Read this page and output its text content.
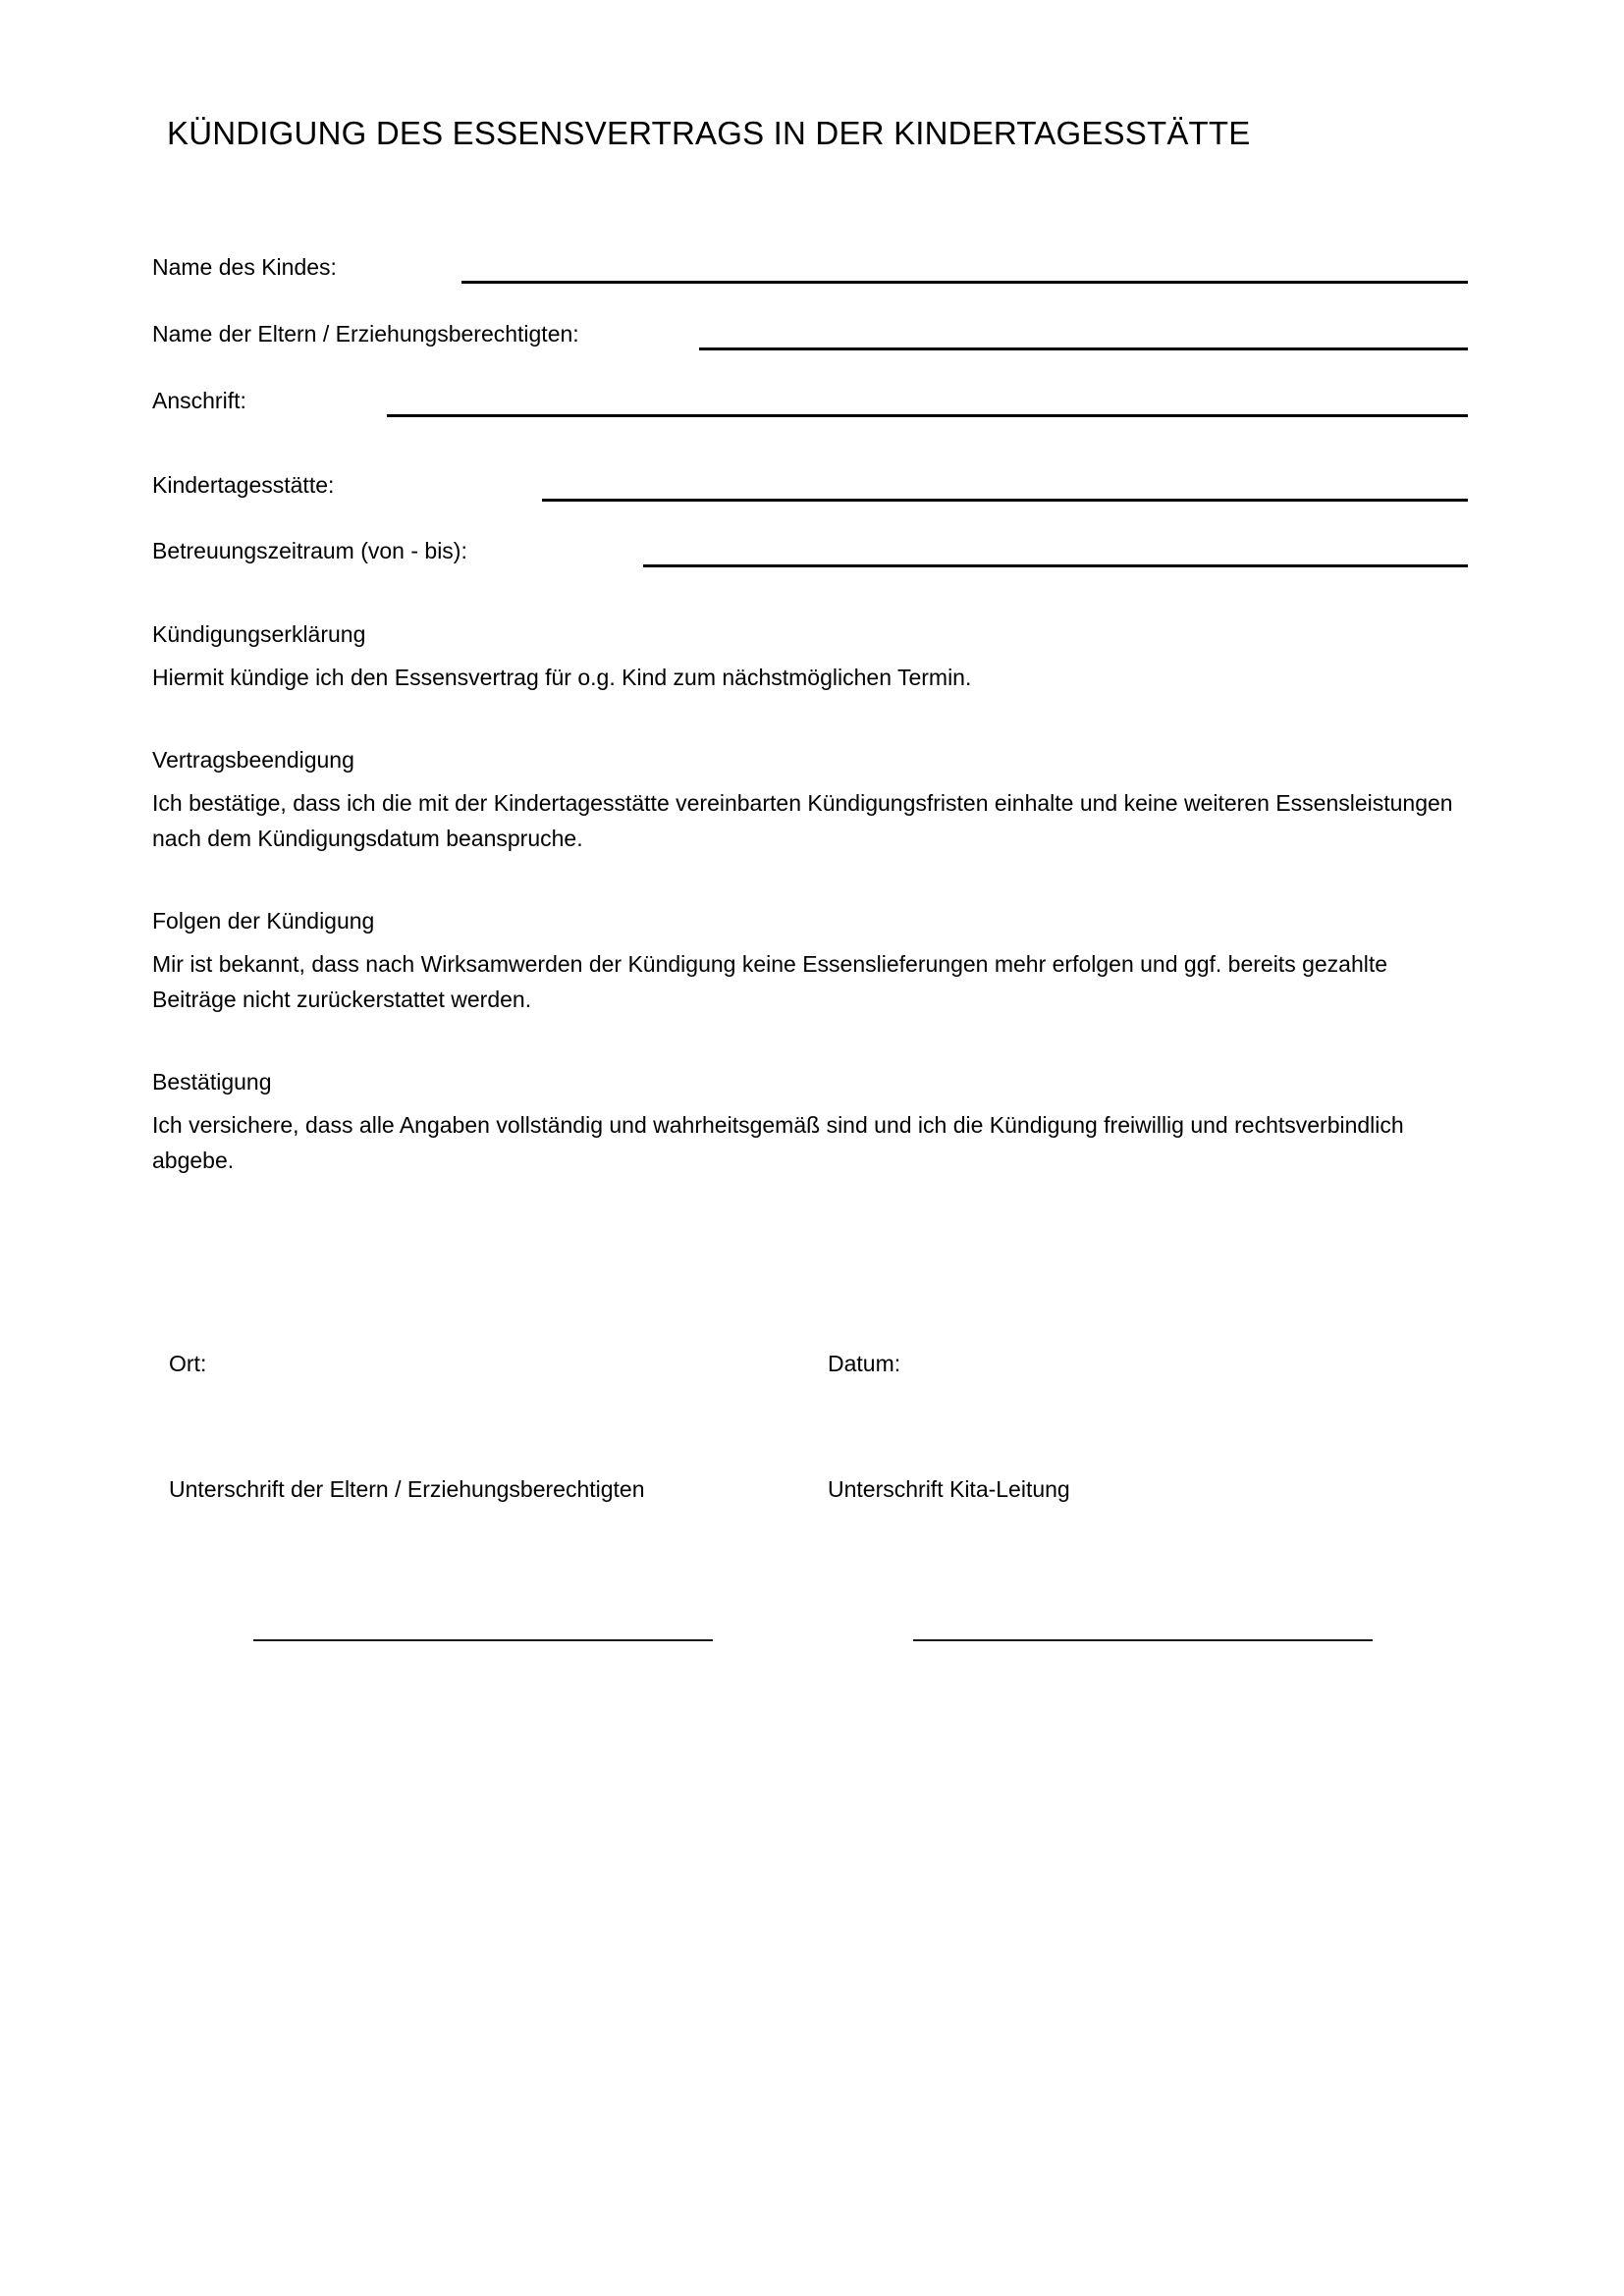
KÜNDIGUNG DES ESSENSVERTRAGS IN DER KINDERTAGESSTÄTTE
Name des Kindes:
Name der Eltern / Erziehungsberechtigten:
Anschrift:
Kindertagesstätte:
Betreuungszeitraum (von - bis):

Kündigungserklärung

Hiermit kündige ich den Essensvertrag für o.g. Kind zum nächstmöglichen Termin.

Vertragsbeendigung

Ich bestätige, dass ich die mit der Kindertagesstätte vereinbarten Kündigungsfristen einhalte und keine weiteren Essensleistungen nach dem Kündigungsdatum beanspruche.

Folgen der Kündigung

Mir ist bekannt, dass nach Wirksamwerden der Kündigung keine Essenslieferungen mehr erfolgen und ggf. bereits gezahlte Beiträge nicht zurückerstattet werden.

Bestätigung

Ich versichere, dass alle Angaben vollständig und wahrheitsgemäß sind und ich die Kündigung freiwillig und rechtsverbindlich abgebe.

Ort:	Datum:
Unterschrift der Eltern / Erziehungsberechtigten	Unterschrift Kita-Leitung
